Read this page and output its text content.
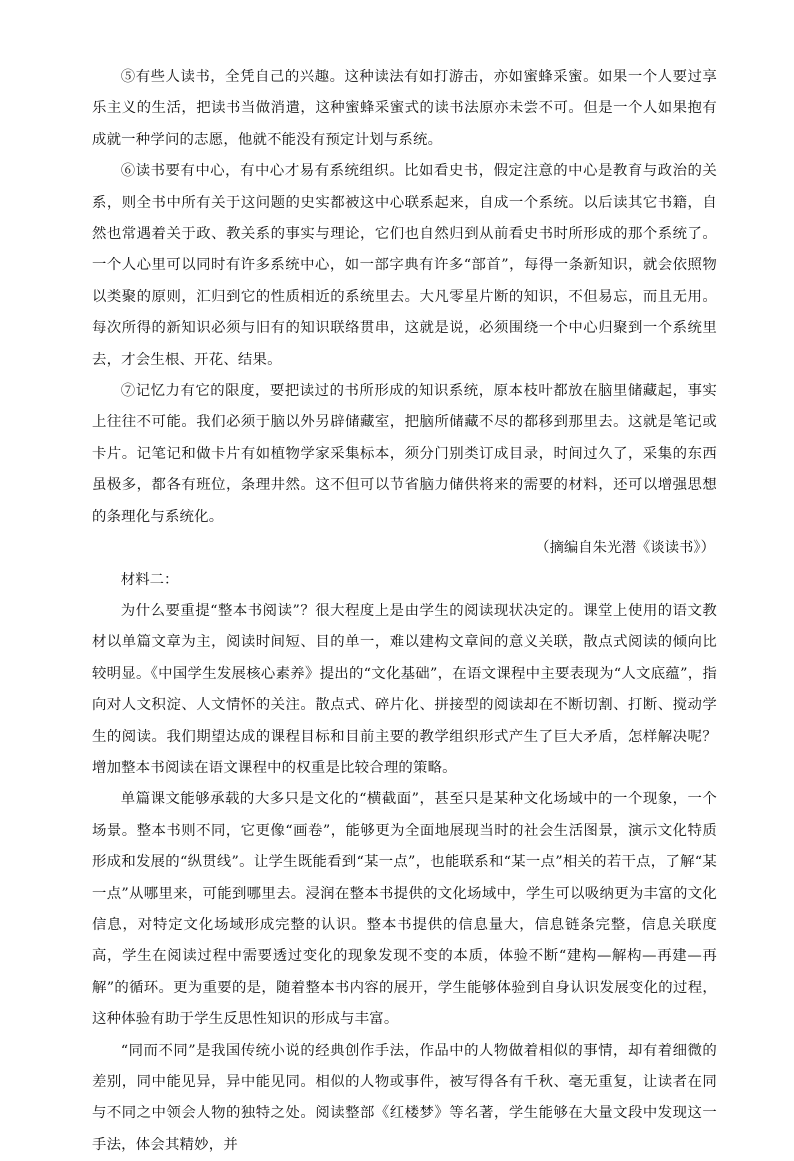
⑤有些人读书，全凭自己的兴趣。这种读法有如打游击，亦如蜜蜂采蜜。如果一个人要过享乐主义的生活，把读书当做消遣，这种蜜蜂采蜜式的读书法原亦未尝不可。但是一个人如果抱有成就一种学问的志愿，他就不能没有预定计划与系统。

⑥读书要有中心，有中心才易有系统组织。比如看史书，假定注意的中心是教育与政治的关系，则全书中所有关于这问题的史实都被这中心联系起来，自成一个系统。以后读其它书籍，自然也常遇着关于政、教关系的事实与理论，它们也自然归到从前看史书时所形成的那个系统了。一个人心里可以同时有许多系统中心，如一部字典有许多“部首”，每得一条新知识，就会依照物以类聚的原则，汇归到它的性质相近的系统里去。大凡零星片断的知识，不但易忘，而且无用。每次所得的新知识必须与旧有的知识联络贯串，这就是说，必须围绕一个中心归聚到一个系统里去，才会生根、开花、结果。

⑦记忆力有它的限度，要把读过的书所形成的知识系统，原本枝叶都放在脑里储藏起，事实上往往不可能。我们必须于脑以外另辟储藏室，把脑所储藏不尽的都移到那里去。这就是笔记或卡片。记笔记和做卡片有如植物学家采集标本，须分门别类订成目录，时间过久了，采集的东西虽极多，都各有班位，条理井然。这不但可以节省脑力储供将来的需要的材料，还可以增强思想的条理化与系统化。

（摘编自朱光潜《谈读书》）

材料二：

为什么要重提“整本书阅读”？很大程度上是由学生的阅读现状决定的。课堂上使用的语文教材以单篇文章为主，阅读时间短、目的单一，难以建构文章间的意义关联，散点式阅读的倾向比较明显。《中国学生发展核心素养》提出的“文化基础”，在语文课程中主要表现为“人文底蕴”，指向对人文积淀、人文情怀的关注。散点式、碎片化、拼接型的阅读却在不断切割、打断、搅动学生的阅读。我们期望达成的课程目标和目前主要的教学组织形式产生了巨大矛盾，怎样解决呢？增加整本书阅读在语文课程中的权重是比较合理的策略。

单篇课文能够承载的大多只是文化的“横截面”，甚至只是某种文化场域中的一个现象，一个场景。整本书则不同，它更像“画卷”，能够更为全面地展现当时的社会生活图景，演示文化特质形成和发展的“纵贯线”。让学生既能看到“某一点”，也能联系和“某一点”相关的若干点，了解“某一点”从哪里来，可能到哪里去。浸润在整本书提供的文化场域中，学生可以吸纳更为丰富的文化信息，对特定文化场域形成完整的认识。整本书提供的信息量大，信息链条完整，信息关联度高，学生在阅读过程中需要透过变化的现象发现不变的本质，体验不断“建构—解构—再建—再解”的循环。更为重要的是，随着整本书内容的展开，学生能够体验到自身认识发展变化的过程，这种体验有助于学生反思性知识的形成与丰富。

“同而不同”是我国传统小说的经典创作手法，作品中的人物做着相似的事情，却有着细微的差别，同中能见异，异中能见同。相似的人物或事件，被写得各有千秋、毫无重复，让读者在同与不同之中领会人物的独特之处。阅读整部《红楼梦》等名著，学生能够在大量文段中发现这一手法，体会其精妙，并
